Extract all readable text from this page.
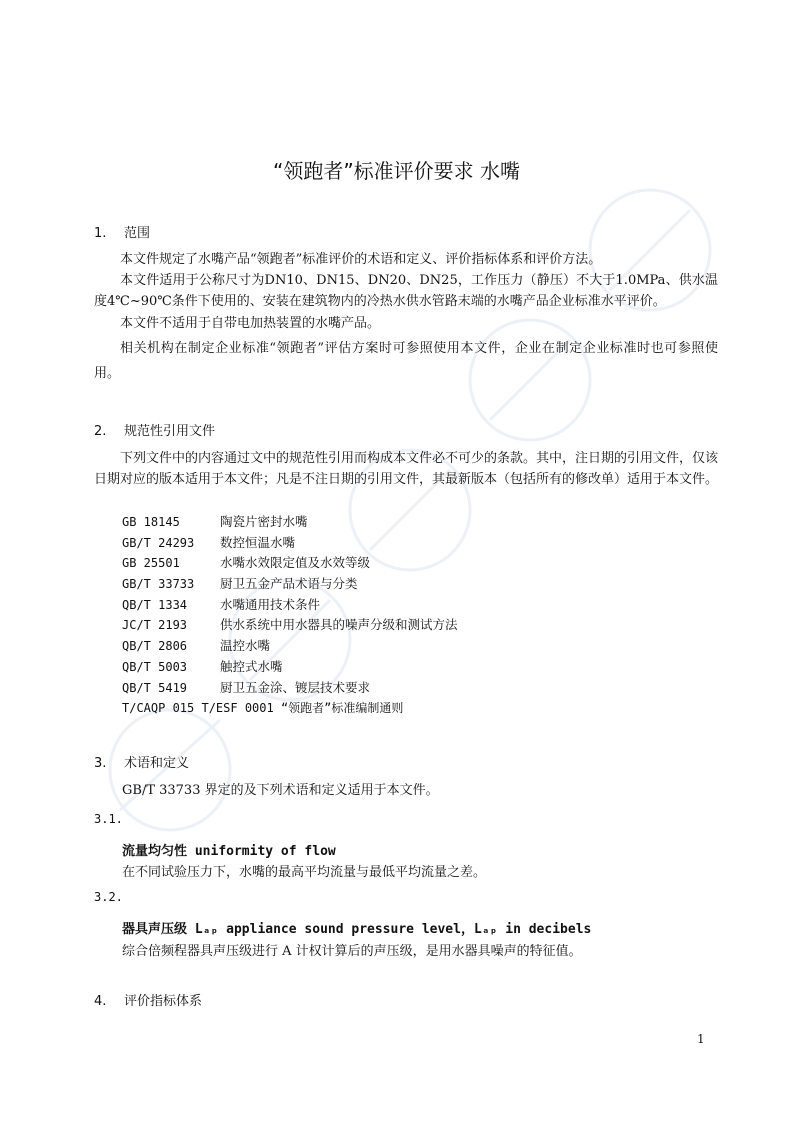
“领跑者”标准评价要求 水嘴
1. 范围

本文件规定了水嘴产品“领跑者”标准评价的术语和定义、评价指标体系和评价方法。

本文件适用于公称尺寸为DN10、DN15、DN20、DN25，工作压力（静压）不大于1.0MPa、供水温度4℃~90℃条件下使用的、安装在建筑物内的冷热水供水管路末端的水嘴产品企业标准水平评价。

本文件不适用于自带电加热装置的水嘴产品。

相关机构在制定企业标准“领跑者”评估方案时可参照使用本文件，企业在制定企业标准时也可参照使用。

2. 规范性引用文件

下列文件中的内容通过文中的规范性引用而构成本文件必不可少的条款。其中，注日期的引用文件，仅该日期对应的版本适用于本文件；凡是不注日期的引用文件，其最新版本（包括所有的修改单）适用于本文件。

GB 18145	陶瓷片密封水嘴
GB/T 24293 数控恒温水嘴
GB 25501	水嘴水效限定值及水效等级
GB/T 33733 厨卫五金产品术语与分类
QB/T 1334	水嘴通用技术条件
JC/T 2193	供水系统中用水器具的噪声分级和测试方法
QB/T 2806	温控水嘴
QB/T 5003	触控式水嘴
QB/T 5419	厨卫五金涂、镀层技术要求
T/CAQP 015 T/ESF 0001 “领跑者”标准编制通则
3. 术语和定义

GB/T 33733 界定的及下列术语和定义适用于本文件。

3.1.
流量均匀性 uniformity of flow
在不同试验压力下，水嘴的最高平均流量与最低平均流量之差。
3.2.
器具声压级 Lₐₚ appliance sound pressure level，Lₐₚ in decibels
综合倍频程器具声压级进行 A 计权计算后的声压级，是用水器具噪声的特征值。
4. 评价指标体系
1
